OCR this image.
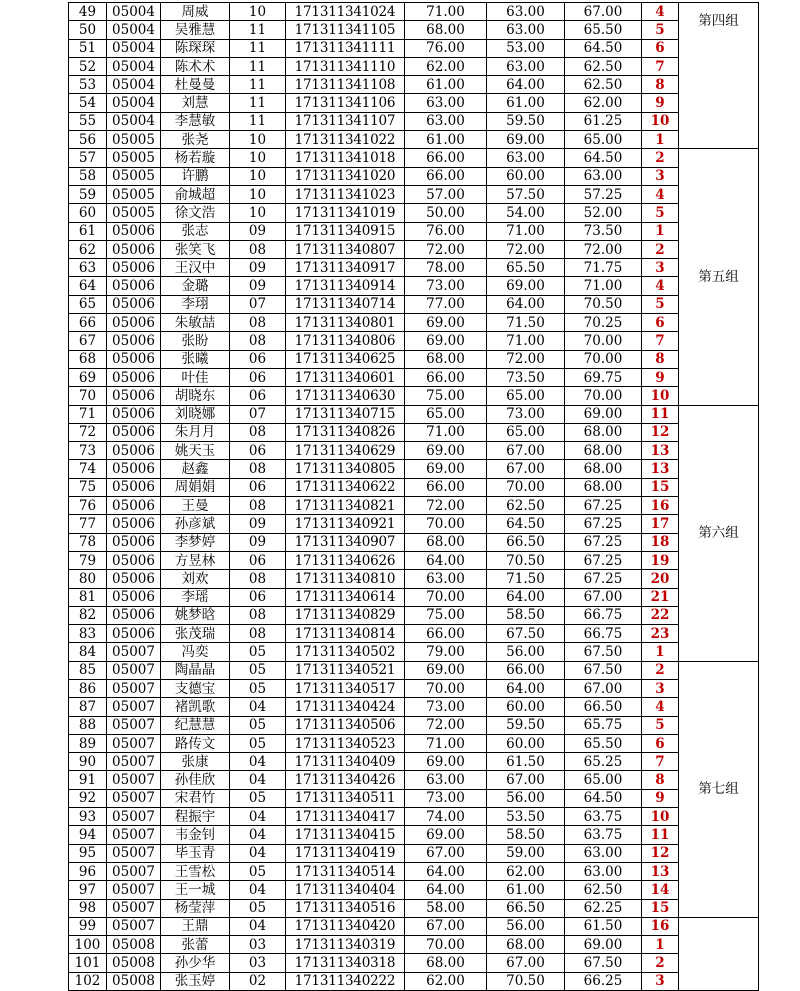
49	05004	周威	10	171311341024	71.00	63.00	67.00	4	第四组
50	05004	吴雅慧	11	171311341105	68.00	63.00	65.50	5	
51	05004	陈琛琛	11	171311341111	76.00	53.00	64.50	6	
52	05004	陈术术	11	171311341110	62.00	63.00	62.50	7	
53	05004	杜曼曼	11	171311341108	61.00	64.00	62.50	8	
54	05004	刘慧	11	171311341106	63.00	61.00	62.00	9	
55	05004	李慧敏	11	171311341107	63.00	59.50	61.25	10	
56	05005	张尧	10	171311341022	61.00	69.00	65.00	1	
57	05005	杨若璇	10	171311341018	66.00	63.00	64.50	2	第五组
58	05005	许鹏	10	171311341020	66.00	60.00	63.00	3	
59	05005	俞城超	10	171311341023	57.00	57.50	57.25	4	
60	05005	徐文浩	10	171311341019	50.00	54.00	52.00	5	
61	05006	张志	09	171311340915	76.00	71.00	73.50	1	
62	05006	张笑飞	08	171311340807	72.00	72.00	72.00	2	
63	05006	王汉中	09	171311340917	78.00	65.50	71.75	3	
64	05006	金璐	09	171311340914	73.00	69.00	71.00	4	
65	05006	李珝	07	171311340714	77.00	64.00	70.50	5	
66	05006	朱敏喆	08	171311340801	69.00	71.50	70.25	6	
67	05006	张盼	08	171311340806	69.00	71.00	70.00	7	
68	05006	张曦	06	171311340625	68.00	72.00	70.00	8	
69	05006	叶佳	06	171311340601	66.00	73.50	69.75	9	
70	05006	胡晓东	06	171311340630	75.00	65.00	70.00	10	
71	05006	刘晓娜	07	171311340715	65.00	73.00	69.00	11	第六组
72	05006	朱月月	08	171311340826	71.00	65.00	68.00	12	
73	05006	姚天玉	06	171311340629	69.00	67.00	68.00	13	
74	05006	赵鑫	08	171311340805	69.00	67.00	68.00	13	
75	05006	周娟娟	06	171311340622	66.00	70.00	68.00	15	
76	05006	王曼	08	171311340821	72.00	62.50	67.25	16	
77	05006	孙彦斌	09	171311340921	70.00	64.50	67.25	17	
78	05006	李梦婷	09	171311340907	68.00	66.50	67.25	18	
79	05006	方昱林	06	171311340626	64.00	70.50	67.25	19	
80	05006	刘欢	08	171311340810	63.00	71.50	67.25	20	
81	05006	李瑶	06	171311340614	70.00	64.00	67.00	21	
82	05006	姚梦晗	08	171311340829	75.00	58.50	66.75	22	
83	05006	张茂瑞	08	171311340814	66.00	67.50	66.75	23	
84	05007	冯奕	05	171311340502	79.00	56.00	67.50	1	
85	05007	陶晶晶	05	171311340521	69.00	66.00	67.50	2	第七组
86	05007	支德宝	05	171311340517	70.00	64.00	67.00	3	
87	05007	褚凯歌	04	171311340424	73.00	60.00	66.50	4	
88	05007	纪慧慧	05	171311340506	72.00	59.50	65.75	5	
89	05007	路传文	05	171311340523	71.00	60.00	65.50	6	
90	05007	张康	04	171311340409	69.00	61.50	65.25	7	
91	05007	孙佳欣	04	171311340426	63.00	67.00	65.00	8	
92	05007	宋君竹	05	171311340511	73.00	56.00	64.50	9	
93	05007	程振宇	04	171311340417	74.00	53.50	63.75	10	
94	05007	韦金钊	04	171311340415	69.00	58.50	63.75	11	
95	05007	毕玉青	04	171311340419	67.00	59.00	63.00	12	
96	05007	王雪松	05	171311340514	64.00	62.00	63.00	13	
97	05007	王一城	04	171311340404	64.00	61.00	62.50	14	
98	05007	杨莹萍	05	171311340516	58.00	66.50	62.25	15	
99	05007	王鼎	04	171311340420	67.00	56.00	61.50	16	
100	05008	张蕾	03	171311340319	70.00	68.00	69.00	1	
101	05008	孙少华	03	171311340318	68.00	67.00	67.50	2	
102	05008	张玉婷	02	171311340222	62.00	70.50	66.25	3	
